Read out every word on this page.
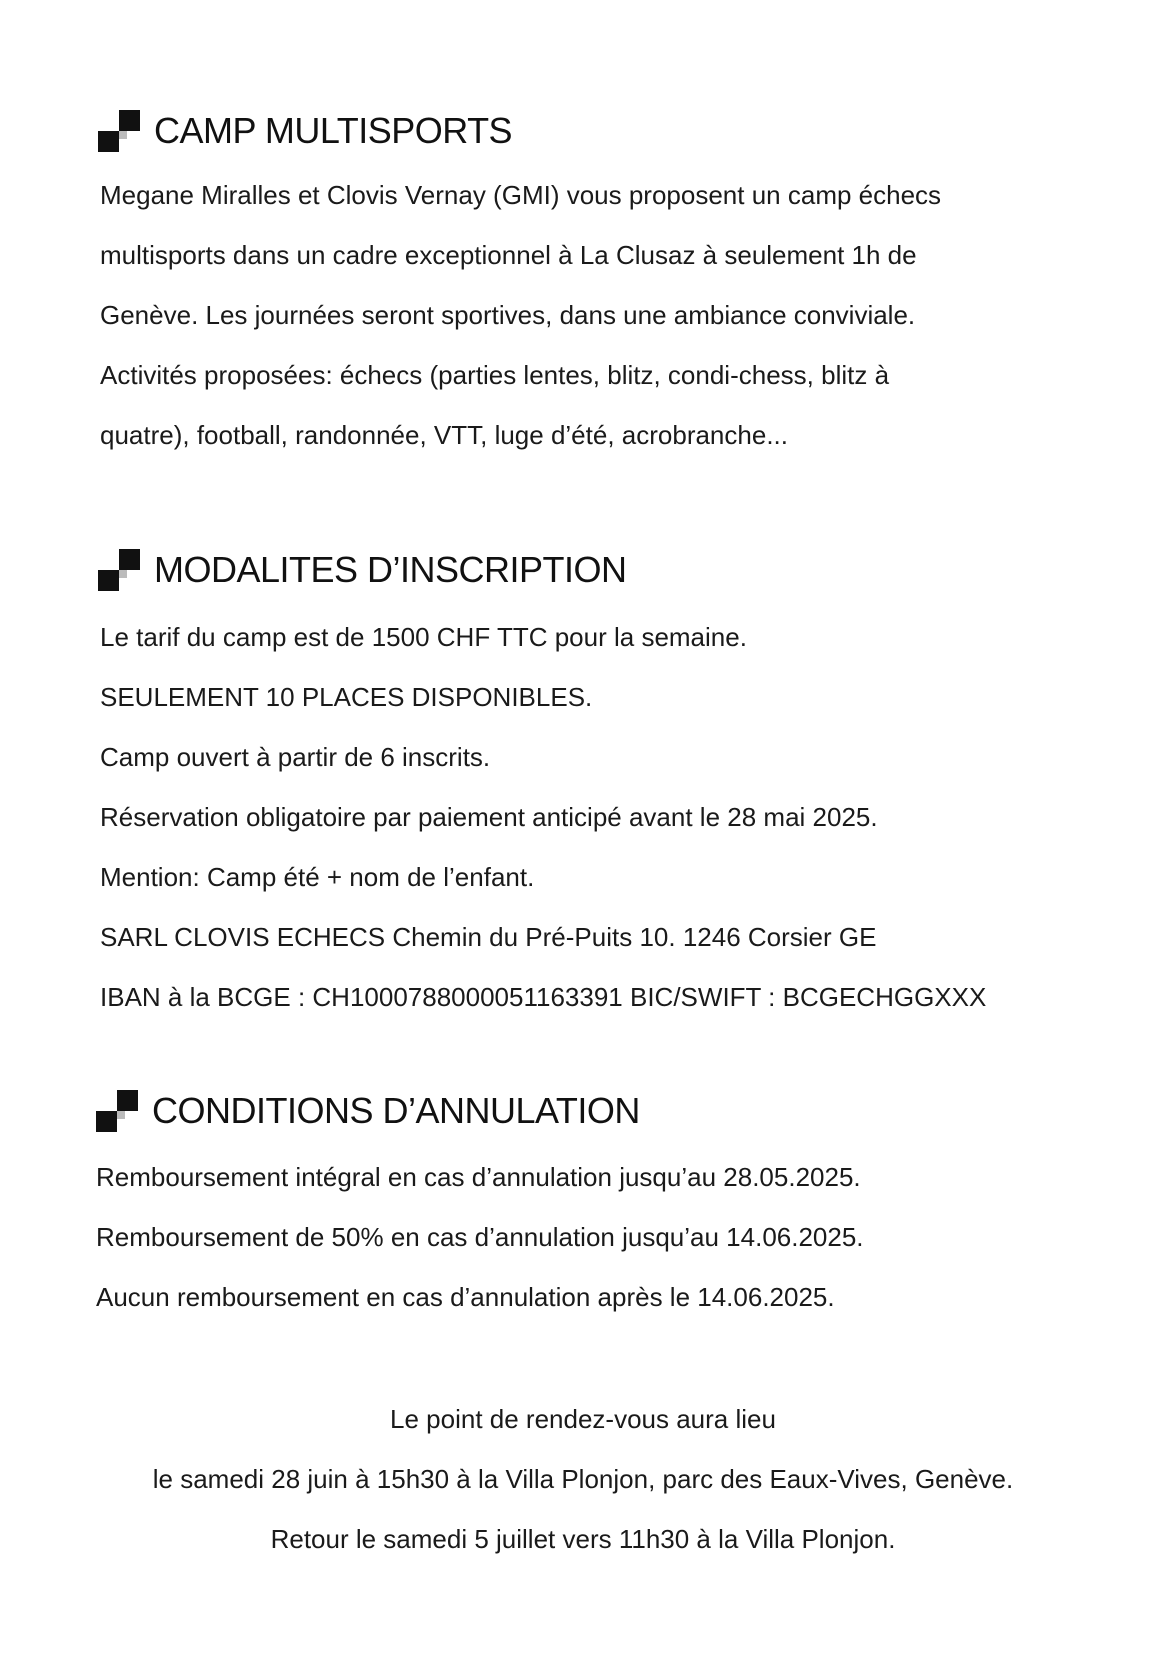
CAMP MULTISPORTS
Megane Miralles et Clovis Vernay (GMI) vous proposent un camp échecs
multisports dans un cadre exceptionnel à La Clusaz à seulement 1h de
Genève. Les journées seront sportives, dans une ambiance conviviale.
Activités proposées: échecs (parties lentes, blitz, condi-chess, blitz à
quatre), football, randonnée, VTT, luge d’été, acrobranche...
MODALITES D’INSCRIPTION
Le tarif du camp est de 1500 CHF TTC pour la semaine.
SEULEMENT 10 PLACES DISPONIBLES.
Camp ouvert à partir de 6 inscrits.
Réservation obligatoire par paiement anticipé avant le 28 mai 2025.
Mention: Camp été + nom de l’enfant.
SARL CLOVIS ECHECS Chemin du Pré-Puits 10. 1246 Corsier GE
IBAN à la BCGE : CH1000788000051163391 BIC/SWIFT : BCGECHGGXXX
CONDITIONS D’ANNULATION
Remboursement intégral en cas d’annulation jusqu’au 28.05.2025.
Remboursement de 50% en cas d’annulation jusqu’au 14.06.2025.
Aucun remboursement en cas d’annulation après le 14.06.2025.
Le point de rendez-vous aura lieu
le samedi 28 juin à 15h30 à la Villa Plonjon, parc des Eaux-Vives, Genève.
Retour le samedi 5 juillet vers 11h30 à la Villa Plonjon.
